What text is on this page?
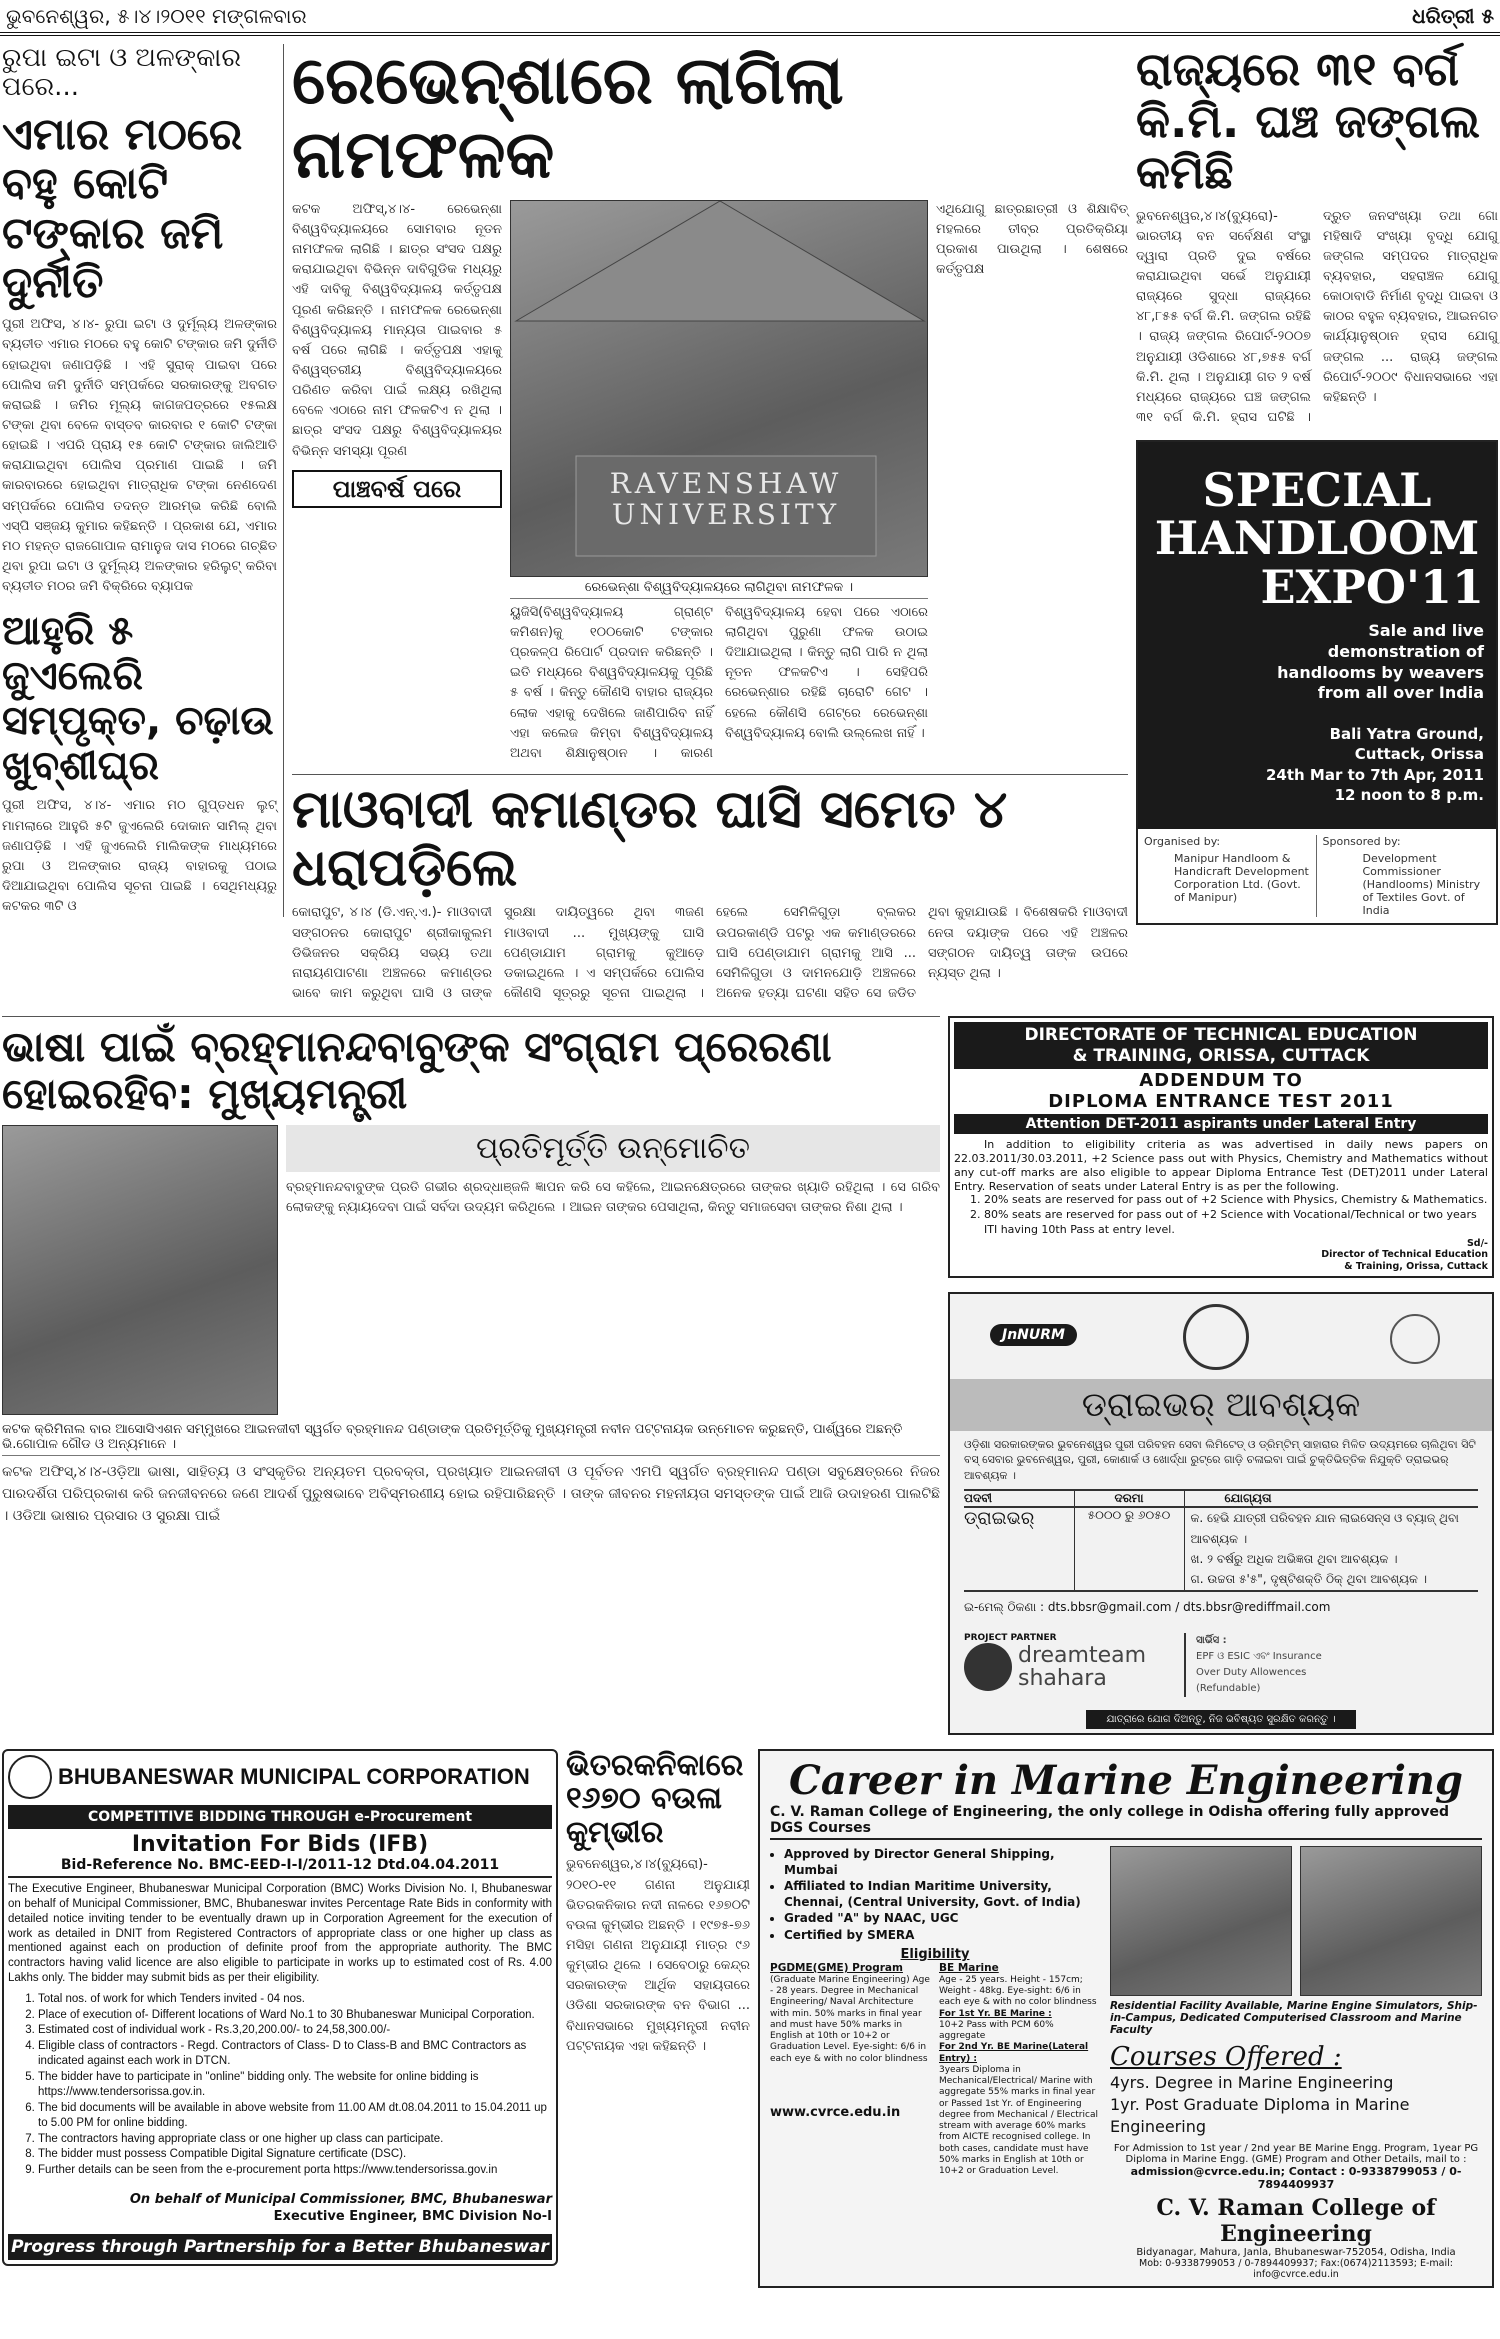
ଭୁବନେଶ୍ୱର, ୫।୪।୨୦୧୧ ମଙ୍ଗଳବାର	ଧରିତ୍ରୀ ୫
ରୁପା ଇଟା ଓ ଅଳଙ୍କାର ପରେ...
ଏମାର ମଠରେ ବହୁ କୋଟି ଟଙ୍କାର ଜମି ଦୁର୍ନୀତି
ପୁରୀ ଅଫିସ, ୪।୪- ରୁପା ଇଟା ଓ ଦୁର୍ମୂଲ୍ୟ ଅଳଙ୍କାର ବ୍ୟତୀତ ଏମାର ମଠରେ ବହୁ କୋଟି ଟଙ୍କାର ଜମି ଦୁର୍ନୀତି ହୋଇଥିବା ଜଣାପଡ଼ିଛି । ଏହି ସୁରାକ୍ ପାଇବା ପରେ ପୋଲିସ ଜମି ଦୁର୍ନୀତି ସମ୍ପର୍କରେ ସରକାରଙ୍କୁ ଅବଗତ କରାଇଛି । ଜମିର ମୂଲ୍ୟ କାଗଜପତ୍ରରେ ୧୫ଲକ୍ଷ ଟଙ୍କା ଥିବା ବେଳେ ବାସ୍ତବ କାରବାର ୧ କୋଟି ଟଙ୍କା ହୋଇଛି । ଏପରି ପ୍ରାୟ ୧୫ କୋଟି ଟଙ୍କାର ଜାଲିଆତି କରାଯାଇଥିବା ପୋଲିସ ପ୍ରମାଣ ପାଇଛି । ଜମି କାରବାରରେ ହୋଇଥିବା ମାତ୍ରାଧିକ ଟଙ୍କା ନେଣଦେଣ ସମ୍ପର୍କରେ ପୋଲିସ ତଦନ୍ତ ଆରମ୍ଭ କରିଛି ବୋଲି ଏସ୍‌ପି ସଞ୍ଜୟ କୁମାର କହିଛନ୍ତି । ପ୍ରକାଶ ଯେ, ଏମାର ମଠ ମହନ୍ତ ରାଜଗୋପାଳ ରାମାନୁଜ ଦାସ ମଠରେ ଗଚ୍ଛିତ ଥିବା ରୁପା ଇଟା ଓ ଦୁର୍ମୂଲ୍ୟ ଅଳଙ୍କାର ହରିଲୁଟ୍ କରିବା ବ୍ୟତୀତ ମଠର ଜମି ବିକ୍ରିରେ ବ୍ୟାପକ
ଆହୁରି ୫ ଜୁଏଲେରି ସମ୍ପୃକ୍ତ, ଚଢ଼ାଉ ଖୁବ୍‌ଶୀଘ୍ର
ପୁରୀ ଅଫିସ, ୪।୪- ଏମାର ମଠ ଗୁପ୍ତଧନ ଲୁଟ୍ ମାମଲାରେ ଆହୁରି ୫ଟି ଜୁଏଲେରି ଦୋକାନ ସାମିଲ୍ ଥିବା ଜଣାପଡ଼ିଛି । ଏହି ଜୁଏଲେରି ମାଲିକଙ୍କ ମାଧ୍ୟମରେ ରୁପା ଓ ଅଳଙ୍କାର ରାଜ୍ୟ ବାହାରକୁ ପଠାଇ ଦିଆଯାଇଥିବା ପୋଲିସ ସୂଚନା ପାଇଛି । ସେଥିମଧ୍ୟରୁ କଟକର ୩ଟି ଓ
ରେଭେନ୍‌ଶାରେ ଲାଗିଲା ନାମଫଳକ
କଟକ ଅଫିସ୍,୪।୪- ରେଭେନ୍‌ଶା ବିଶ୍ୱବିଦ୍ୟାଳୟରେ ସୋମବାର ନୂତନ ନାମଫଳକ ଲାଗିଛି । ଛାତ୍ର ସଂସଦ ପକ୍ଷରୁ କରାଯାଇଥିବା ବିଭିନ୍ନ ଦାବିଗୁଡିକ ମଧ୍ୟରୁ ଏହି ଦାବିକୁ ବିଶ୍ୱବିଦ୍ୟାଳୟ କର୍ତ୍ତୃପକ୍ଷ ପୂରଣ କରିଛନ୍ତି । ନାମଫଳକ ରେଭେନ୍‌ଶା ବିଶ୍ୱବିଦ୍ୟାଳୟ ମାନ୍ୟତା ପାଇବାର ୫ ବର୍ଷ ପରେ ଲାଗିଛି । କର୍ତ୍ତୃପକ୍ଷ ଏହାକୁ ବିଶ୍ୱସ୍ତରୀୟ ବିଶ୍ୱବିଦ୍ୟାଳୟରେ ପରିଣତ କରିବା ପାଇଁ ଲକ୍ଷ୍ୟ ରଖିଥିଲା ବେଳେ ଏଠାରେ ନାମ ଫଳକଟିଏ ନ ଥିଲା । ଛାତ୍ର ସଂସଦ ପକ୍ଷରୁ ବିଶ୍ୱବିଦ୍ୟାଳୟର ବିଭିନ୍ନ ସମସ୍ୟା ପୂରଣ
ପାଞ୍ଚବର୍ଷ ପରେ	RAVENSHAW UNIVERSITY
ରେଭେନ୍‌ଶା ବିଶ୍ୱବିଦ୍ୟାଳୟରେ ଲାଗିଥିବା ନାମଫଳକ ।
ୟୁଜିସି(ବିଶ୍ୱବିଦ୍ୟାଳୟ ଗ୍ରାଣ୍ଟ କମିଶନ)କୁ ୧୦୦କୋଟି ଟଙ୍କାର ପ୍ରକଳ୍ପ ରିପୋର୍ଟ ପ୍ରଦାନ କରିଛନ୍ତି । ଇତି ମଧ୍ୟରେ ବିଶ୍ୱବିଦ୍ୟାଳୟକୁ ପୂରିଛି ୫ ବର୍ଷ । କିନ୍ତୁ କୌଣସି ବାହାର ରାଜ୍ୟର ଲୋକ ଏହାକୁ ଦେଖିଲେ ଜାଣିପାରିବ ନାହିଁ ଏହା କଲେଜ କିମ୍ବା ବିଶ୍ୱବିଦ୍ୟାଳୟ ଅଥବା ଶିକ୍ଷାନୁଷ୍ଠାନ । କାରଣ ବିଶ୍ୱବିଦ୍ୟାଳୟ ହେବା ପରେ ଏଠାରେ ଲାଗିଥିବା ପୁରୁଣା ଫଳକ ଉଠାଇ ଦିଆଯାଇଥିଲା । କିନ୍ତୁ ଲାଗି ପାରି ନ ଥିଲା ନୂତନ ଫଳକଟିଏ । ସେହିପରି ରେଭେନ୍‌ଶାର ରହିଛି ଚାରୋଟି ଗେଟ । ହେଲେ କୌଣସି ଗେଟ୍‌ରେ ରେଭେନ୍‌ଶା ବିଶ୍ୱବିଦ୍ୟାଳୟ ବୋଲି ଉଲ୍ଲେଖ ନାହିଁ ।
ଏଥିଯୋଗୁ ଛାତ୍ରଛାତ୍ରୀ ଓ ଶିକ୍ଷାବିତ୍ ମହଲରେ ତୀବ୍ର ପ୍ରତିକ୍ରିୟା ପ୍ରକାଶ ପାଉଥିଲା । ଶେଷରେ କର୍ତ୍ତୃପକ୍ଷ
ମାଓବାଦୀ କମାଣ୍ଡର ଘାସି ସମେତ ୪ ଧରାପଡ଼ିଲେ
କୋରାପୁଟ, ୪।୪ (ଡି.ଏନ୍.ଏ.)- ମାଓବାଦୀ ସଙ୍ଗଠନର କୋରାପୁଟ ଶ୍ରୀକାକୁଲମ ଡିଭିଜନର ସକ୍ରିୟ ସଭ୍ୟ ତଥା ନାରାୟଣପାଟଣା ଅଞ୍ଚଳରେ କମାଣ୍ଡର ଭାବେ କାମ କରୁଥିବା ଘାସି ଓ ତାଙ୍କ ସୁରକ୍ଷା ଦାୟିତ୍ୱରେ ଥିବା ୩ଜଣ ମାଓବାଦୀ ... ମୁଖ୍ୟଙ୍କୁ ଘାସି ପେଣ୍ଡାଯାମ ଗ୍ରାମକୁ କୁଆଡ଼େ ଡକାଇଥିଲେ । ଏ ସମ୍ପର୍କରେ ପୋଲିସ କୌଣସି ସୂତ୍ରରୁ ସୂଚନା ପାଇଥିଲା । ହେଲେ ସେମିଳିଗୁଡ଼ା ବ୍ଲକର ଉପରକାଣ୍ଡି ପଟରୁ ଏକ କମାଣ୍ଡରରେ ଘାସି ପେଣ୍ଡାଯାମ ଗ୍ରାମକୁ ଆସି ... ସେମିଳିଗୁଡା ଓ ଦାମନଯୋଡ଼ି ଅଞ୍ଚଳରେ ଅନେକ ହତ୍ୟା ଘଟଣା ସହିତ ସେ ଜଡିତ ଥିବା କୁହାଯାଉଛି । ବିଶେଷକରି ମାଓବାଦୀ ନେତା ଦୟାଙ୍କ ପରେ ଏହି ଅଞ୍ଚଳର ସଙ୍ଗଠନ ଦାୟିତ୍ୱ ତାଙ୍କ ଉପରେ ନ୍ୟସ୍ତ ଥିଲା ।
ରାଜ୍ୟରେ ୩୧ ବର୍ଗ କି.ମି. ଘଞ୍ଚ ଜଙ୍ଗଲ କମିଛି
ଭୁବନେଶ୍ୱର,୪।୪(ବ୍ୟୁରୋ)- ଭାରତୀୟ ବନ ସର୍ବେକ୍ଷଣ ସଂସ୍ଥା ଦ୍ୱାରା ପ୍ରତି ଦୁଇ ବର୍ଷରେ କରାଯାଇଥିବା ସର୍ଭେ ଅନୁଯାୟୀ ରାଜ୍ୟରେ ସୁଦ୍ଧା ରାଜ୍ୟରେ ୪୮,୮୫୫ ବର୍ଗ କି.ମି. ଜଙ୍ଗଲ ରହିଛି । ରାଜ୍ୟ ଜଙ୍ଗଲ ରିପୋର୍ଟ-୨୦୦୭ ଅନୁଯାୟୀ ଓଡିଶାରେ ୪୮,୭୫୫ ବର୍ଗ କି.ମି. ଥିଲା । ଅନୁଯାୟୀ ଗତ ୨ ବର୍ଷ ମଧ୍ୟରେ ରାଜ୍ୟରେ ଘଞ୍ଚ ଜଙ୍ଗଲ ୩୧ ବର୍ଗ କି.ମି. ହ୍ରାସ ଘଟିଛି । ଦ୍ରୁତ ଜନସଂଖ୍ୟା ତଥା ଗୋ ମହିଷାଦି ସଂଖ୍ୟା ବୃଦ୍ଧି ଯୋଗୁ ଜଙ୍ଗଲ ସମ୍ପଦର ମାତ୍ରାଧିକ ବ୍ୟବହାର, ସହରାଞ୍ଚଳ ଯୋଗୁ କୋଠାବାଡି ନିର୍ମାଣ ବୃଦ୍ଧି ପାଇବା ଓ କାଠର ବହୁଳ ବ୍ୟବହାର, ଆଇନଗତ କାର୍ଯ୍ୟାନୁଷ୍ଠାନ ହ୍ରାସ ଯୋଗୁ ଜଙ୍ଗଲ ... ରାଜ୍ୟ ଜଙ୍ଗଲ ରିପୋର୍ଟ-୨୦୦୯ ବିଧାନସଭାରେ ଏହା କହିଛନ୍ତି ।
SPECIAL
HANDLOOM
EXPO'11
Sale and live demonstration of handlooms by weavers from all over India
Bali Yatra Ground,
Cuttack, Orissa
24th Mar to 7th Apr, 2011
12 noon to 8 p.m.
Organised by:
Manipur Handloom & Handicraft Development Corporation Ltd. (Govt. of Manipur)
Sponsored by:
Development Commissioner (Handlooms) Ministry of Textiles Govt. of India
ଭାଷା ପାଇଁ ବ୍ରହ୍ମାନନ୍ଦବାବୁଙ୍କ ସଂଗ୍ରାମ ପ୍ରେରଣା ହୋଇରହିବ: ମୁଖ୍ୟମନ୍ତ୍ରୀ
ପ୍ରତିମୂର୍ତ୍ତି ଉନ୍ମୋଚିତ
ବ୍ରହ୍ମାନନ୍ଦବାବୁଙ୍କ ପ୍ରତି ଗଭୀର ଶ୍ରଦ୍ଧାଞ୍ଜଳି ଜ୍ଞାପନ କରି ସେ କହିଲେ, ଆଇନକ୍ଷେତ୍ରରେ ତାଙ୍କର ଖ୍ୟାତି ରହିଥିଲା । ସେ ଗରିବ ଲୋକଙ୍କୁ ନ୍ୟାୟଦେବା ପାଇଁ ସର୍ବଦା ଉଦ୍ୟମ କରିଥିଲେ । ଆଇନ ତାଙ୍କର ପେସାଥିଲା, କିନ୍ତୁ ସମାଜସେବା ତାଙ୍କର ନିଶା ଥିଲା ।
କଟକ କ୍ରିମିନାଲ ବାର ଆସୋସିଏଶନ ସମ୍ମୁଖରେ ଆଇନଜୀବୀ ସ୍ୱର୍ଗତ ବ୍ରହ୍ମାନନ୍ଦ ପଣ୍ଡାଙ୍କ ପ୍ରତିମୂର୍ତ୍ତିକୁ ମୁଖ୍ୟମନ୍ତ୍ରୀ ନବୀନ ପଟ୍ଟନାୟକ ଉନ୍ମୋଚନ କରୁଛନ୍ତି, ପାର୍ଶ୍ୱରେ ଅଛନ୍ତି ଭି.ଗୋପାଳ ଗୌଡ ଓ ଅନ୍ୟମାନେ ।
କଟକ ଅଫିସ୍,୪।୪-ଓଡ଼ିଆ ଭାଷା, ସାହିତ୍ୟ ଓ ସଂସ୍କୃତିର ଅନ୍ୟତମ ପ୍ରବକ୍ତା, ପ୍ରଖ୍ୟାତ ଆଇନଜୀବୀ ଓ ପୂର୍ବତନ ଏମପି ସ୍ୱର୍ଗତ ବ୍ରହ୍ମାନନ୍ଦ ପଣ୍ଡା ସବୁକ୍ଷେତ୍ରରେ ନିଜର ପାରଦର୍ଶିତା ପରିପ୍ରକାଶ କରି ଜନଜୀବନରେ ଜଣେ ଆଦର୍ଶ ପୁରୁଷଭାବେ ଅବିସ୍ମରଣୀୟ ହୋଇ ରହିପାରିଛନ୍ତି । ତାଙ୍କ ଜୀବନର ମହନୀୟତା ସମସ୍ତଙ୍କ ପାଇଁ ଆଜି ଉଦାହରଣ ପାଲଟିଛି । ଓଡିଆ ଭାଷାର ପ୍ରସାର ଓ ସୁରକ୍ଷା ପାଇଁ
DIRECTORATE OF TECHNICAL EDUCATION
& TRAINING, ORISSA, CUTTACK
ADDENDUM TO
DIPLOMA ENTRANCE TEST 2011
Attention DET-2011 aspirants under Lateral Entry
In addition to eligibility criteria as was advertised in daily news papers on 22.03.2011/30.03.2011, +2 Science pass out with Physics, Chemistry and Mathematics without any cut-off marks are also eligible to appear Diploma Entrance Test (DET)2011 under Lateral Entry. Reservation of seats under Lateral Entry is as per the following.
1. 20% seats are reserved for pass out of +2 Science with Physics, Chemistry & Mathematics.
2. 80% seats are reserved for pass out of +2 Science with Vocational/Technical or two years ITI having 10th Pass at entry level.
Sd/-
Director of Technical Education
& Training, Orissa, Cuttack
JnNURM
ଡ୍ରାଇଭର୍ ଆବଶ୍ୟକ
ଓଡ଼ିଶା ସରକାରଙ୍କର ଭୁବନେଶ୍ୱର ପୁରୀ ପରିବହନ ସେବା ଲିମିଟେଡ୍ ଓ ଡ୍ରିମ୍‌ଟିମ୍ ସାହାରାର ମିଳିତ ଉଦ୍ୟମରେ ଚାଲିଥିବା ସିଟି ବସ୍ ସେବାର ଭୁବନେଶ୍ୱର, ପୁରୀ, କୋଣାର୍କ ଓ ଖୋର୍ଦ୍ଧା ରୁଟ୍‌ରେ ଗାଡ଼ି ଚଳାଇବା ପାଇଁ ଚୁକ୍ତିଭିତ୍ତିକ ନିଯୁକ୍ତି ଡ୍ରାଇଭର୍ ଆବଶ୍ୟକ ।
ପଦବୀ	ଦରମା	ଯୋଗ୍ୟତା
ଡ୍ରାଇଭର୍	୫୦୦୦ ରୁ ୬୦୫୦	କ. ହେଭି ଯାତ୍ରୀ ପରିବହନ ଯାନ ଲାଇସେନ୍ସ ଓ ବ୍ୟାଜ୍ ଥିବା ଆବଶ୍ୟକ ।
ଖ. ୨ ବର୍ଷରୁ ଅଧିକ ଅଭିଜ୍ଞତା ଥିବା ଆବଶ୍ୟକ ।
ଗ. ଉଚ୍ଚତା ୫'୫", ଦୃଷ୍ଟିଶକ୍ତି ଠିକ୍ ଥିବା ଆବଶ୍ୟକ ।
ଇ-ମେଲ୍ ଠିକଣା : dts.bbsr@gmail.com / dts.bbsr@rediffmail.com
PROJECT PARTNER
dreamteam
shahara
ସାର୍ଭିସ :
EPF ଓ ESIC ଏବଂ Insurance
Over Duty Allowences
(Refundable)
ଯାତ୍ରାରେ ଯୋଗ ଦିଅନ୍ତୁ, ନିଜ ଭବିଷ୍ୟତ ସୁରକ୍ଷିତ କରନ୍ତୁ ।
BHUBANESWAR MUNICIPAL CORPORATION
COMPETITIVE BIDDING THROUGH e-Procurement
Invitation For Bids (IFB)
Bid-Reference No. BMC-EED-I-I/2011-12 Dtd.04.04.2011
The Executive Engineer, Bhubaneswar Municipal Corporation (BMC) Works Division No. I, Bhubaneswar on behalf of Municipal Commissioner, BMC, Bhubaneswar invites Percentage Rate Bids in conformity with detailed notice inviting tender to be eventually drawn up in Corporation Agreement for the execution of work as detailed in DNIT from Registered Contractors of appropriate class or one higher up class as mentioned against each on production of definite proof from the appropriate authority. The BMC contractors having valid licence are also eligible to participate in works up to estimated cost of Rs. 4.00 Lakhs only. The bidder may submit bids as per their eligibility.
1. Total nos. of work for which Tenders invited - 04 nos.
2. Place of execution of- Different locations of Ward No.1 to 30 Bhubaneswar Municipal Corporation.
3. Estimated cost of individual work - Rs.3,20,200.00/- to 24,58,300.00/-
4. Eligible class of contractors - Regd. Contractors of Class- D to Class-B and BMC Contractors as indicated against each work in DTCN.
5. The bidder have to participate in "online" bidding only. The website for online bidding is https://www.tendersorissa.gov.in.
6. The bid documents will be available in above website from 11.00 AM dt.08.04.2011 to 15.04.2011 up to 5.00 PM for online bidding.
7. The contractors having appropriate class or one higher up class can participate.
8. The bidder must possess Compatible Digital Signature certificate (DSC).
9. Further details can be seen from the e-procurement porta https://www.tendersorissa.gov.in
On behalf of Municipal Commissioner, BMC, Bhubaneswar
Executive Engineer, BMC Division No-I
Progress through Partnership for a Better Bhubaneswar
ଭିତରକନିକାରେ ୧୬୭୦ ବଉଳା କୁମ୍ଭୀର
ଭୁବନେଶ୍ୱର,୪।୪(ବ୍ୟୁରୋ)- ୨୦୧୦-୧୧ ଗଣନା ଅନୁଯାୟୀ ଭିତରକନିକାର ନଦୀ ନାଳରେ ୧୬୭୦ଟି ବଉଳା କୁମ୍ଭୀର ଅଛନ୍ତି । ୧୯୭୫-୭୬ ମସିହା ଗଣନା ଅନୁଯାୟୀ ମାତ୍ର ୯୬ କୁମ୍ଭୀର ଥିଲେ । ସେବେଠାରୁ କେନ୍ଦ୍ର ସରକାରଙ୍କ ଆର୍ଥିକ ସହାୟତାରେ ଓଡିଶା ସରକାରଙ୍କ ବନ ବିଭାଗ ... ବିଧାନସଭାରେ ମୁଖ୍ୟମନ୍ତ୍ରୀ ନବୀନ ପଟ୍ଟନାୟକ ଏହା କହିଛନ୍ତି ।
Career in Marine Engineering
C. V. Raman College of Engineering, the only college in Odisha offering fully approved DGS Courses
• Approved by Director General Shipping, Mumbai
• Affiliated to Indian Maritime University, Chennai, (Central University, Govt. of India)
• Graded "A" by NAAC, UGC
• Certified by SMERA
Eligibility
PGDME(GME) Program
(Graduate Marine Engineering) Age - 28 years. Degree in Mechanical Engineering/ Naval Architecture with min. 50% marks in final year and must have 50% marks in English at 10th or 10+2 or Graduation Level. Eye-sight: 6/6 in each eye & with no color blindness
www.cvrce.edu.in
BE Marine
Age - 25 years. Height - 157cm; Weight - 48kg. Eye-sight: 6/6 in each eye & with no color blindness
For 1st Yr. BE Marine :
10+2 Pass with PCM 60% aggregate
For 2nd Yr. BE Marine(Lateral Entry) :
3years Diploma in Mechanical/Electrical/ Marine with aggregate 55% marks in final year or Passed 1st Yr. of Engineering degree from Mechanical / Electrical stream with average 60% marks from AICTE recognised college. In both cases, candidate must have 50% marks in English at 10th or 10+2 or Graduation Level.
Residential Facility Available, Marine Engine Simulators, Ship-in-Campus, Dedicated Computerised Classroom and Marine Faculty
Courses Offered :
4yrs. Degree in Marine Engineering
1yr. Post Graduate Diploma in Marine Engineering
For Admission to 1st year / 2nd year BE Marine Engg. Program, 1year PG Diploma in Marine Engg. (GME) Program and Other Details, mail to :
admission@cvrce.edu.in; Contact : 0-9338799053 / 0-7894409937
C. V. Raman College of Engineering
Bidyanagar, Mahura, Janla, Bhubaneswar-752054, Odisha, India
Mob: 0-9338799053 / 0-7894409937; Fax:(0674)2113593; E-mail: info@cvrce.edu.in
